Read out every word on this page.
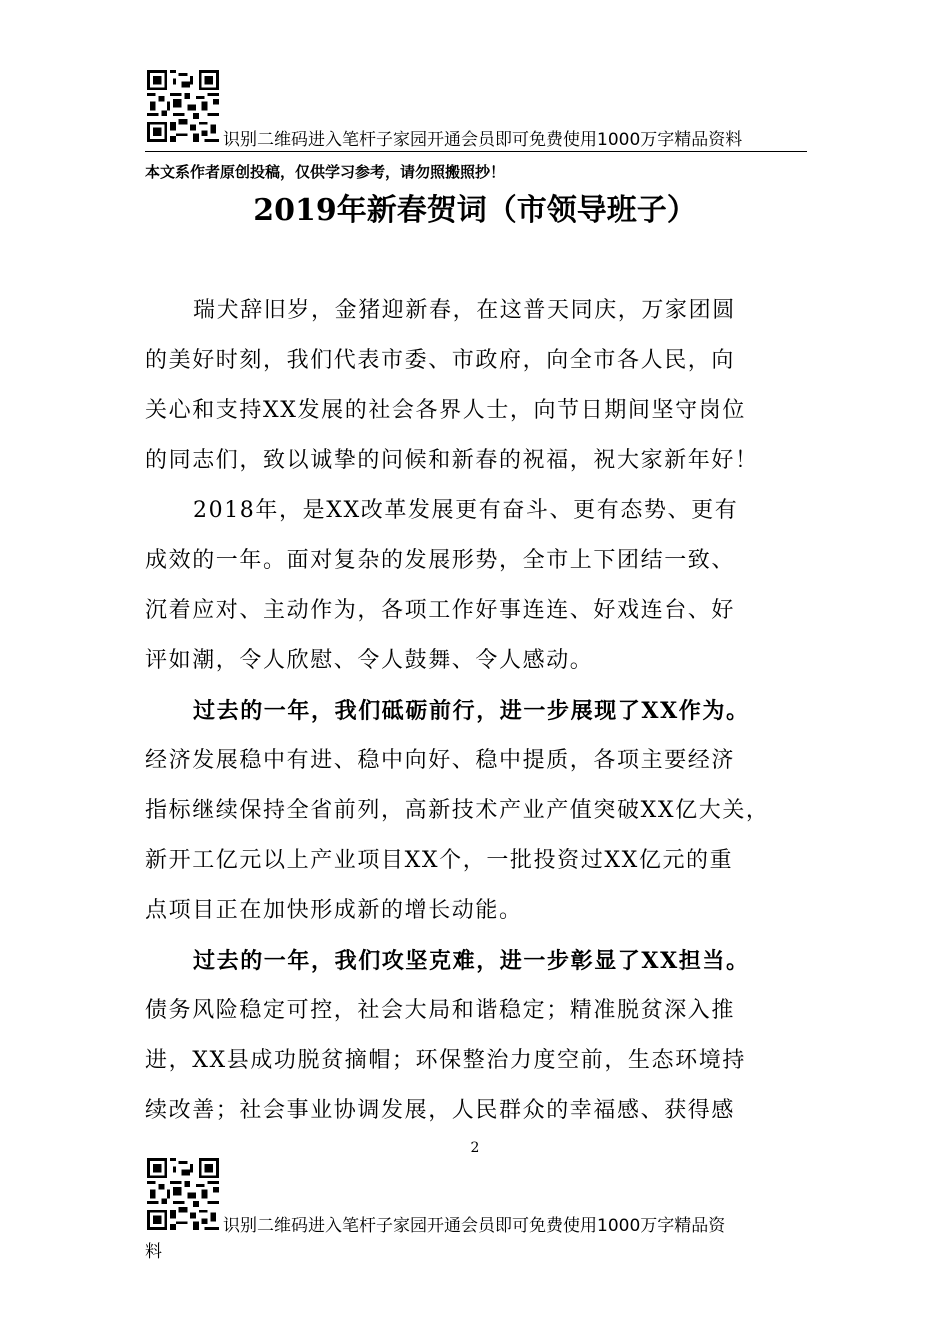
识别二维码进入笔杆子家园开通会员即可免费使用1000万字精品资料
本文系作者原创投稿，仅供学习参考，请勿照搬照抄！
2019年新春贺词（市领导班子）
瑞犬辞旧岁，金猪迎新春，在这普天同庆，万家团圆
的美好时刻，我们代表市委、市政府，向全市各人民，向
关心和支持XX发展的社会各界人士，向节日期间坚守岗位
的同志们，致以诚挚的问候和新春的祝福，祝大家新年好！
2018年，是XX改革发展更有奋斗、更有态势、更有
成效的一年。面对复杂的发展形势，全市上下团结一致、
沉着应对、主动作为，各项工作好事连连、好戏连台、好
评如潮，令人欣慰、令人鼓舞、令人感动。
过去的一年，我们砥砺前行，进一步展现了XX作为。
经济发展稳中有进、稳中向好、稳中提质，各项主要经济
指标继续保持全省前列，高新技术产业产值突破XX亿大关，
新开工亿元以上产业项目XX个，一批投资过XX亿元的重
点项目正在加快形成新的增长动能。
过去的一年，我们攻坚克难，进一步彰显了XX担当。
债务风险稳定可控，社会大局和谐稳定；精准脱贫深入推
进，XX县成功脱贫摘帽；环保整治力度空前，生态环境持
续改善；社会事业协调发展，人民群众的幸福感、获得感
2
识别二维码进入笔杆子家园开通会员即可免费使用1000万字精品资
料
